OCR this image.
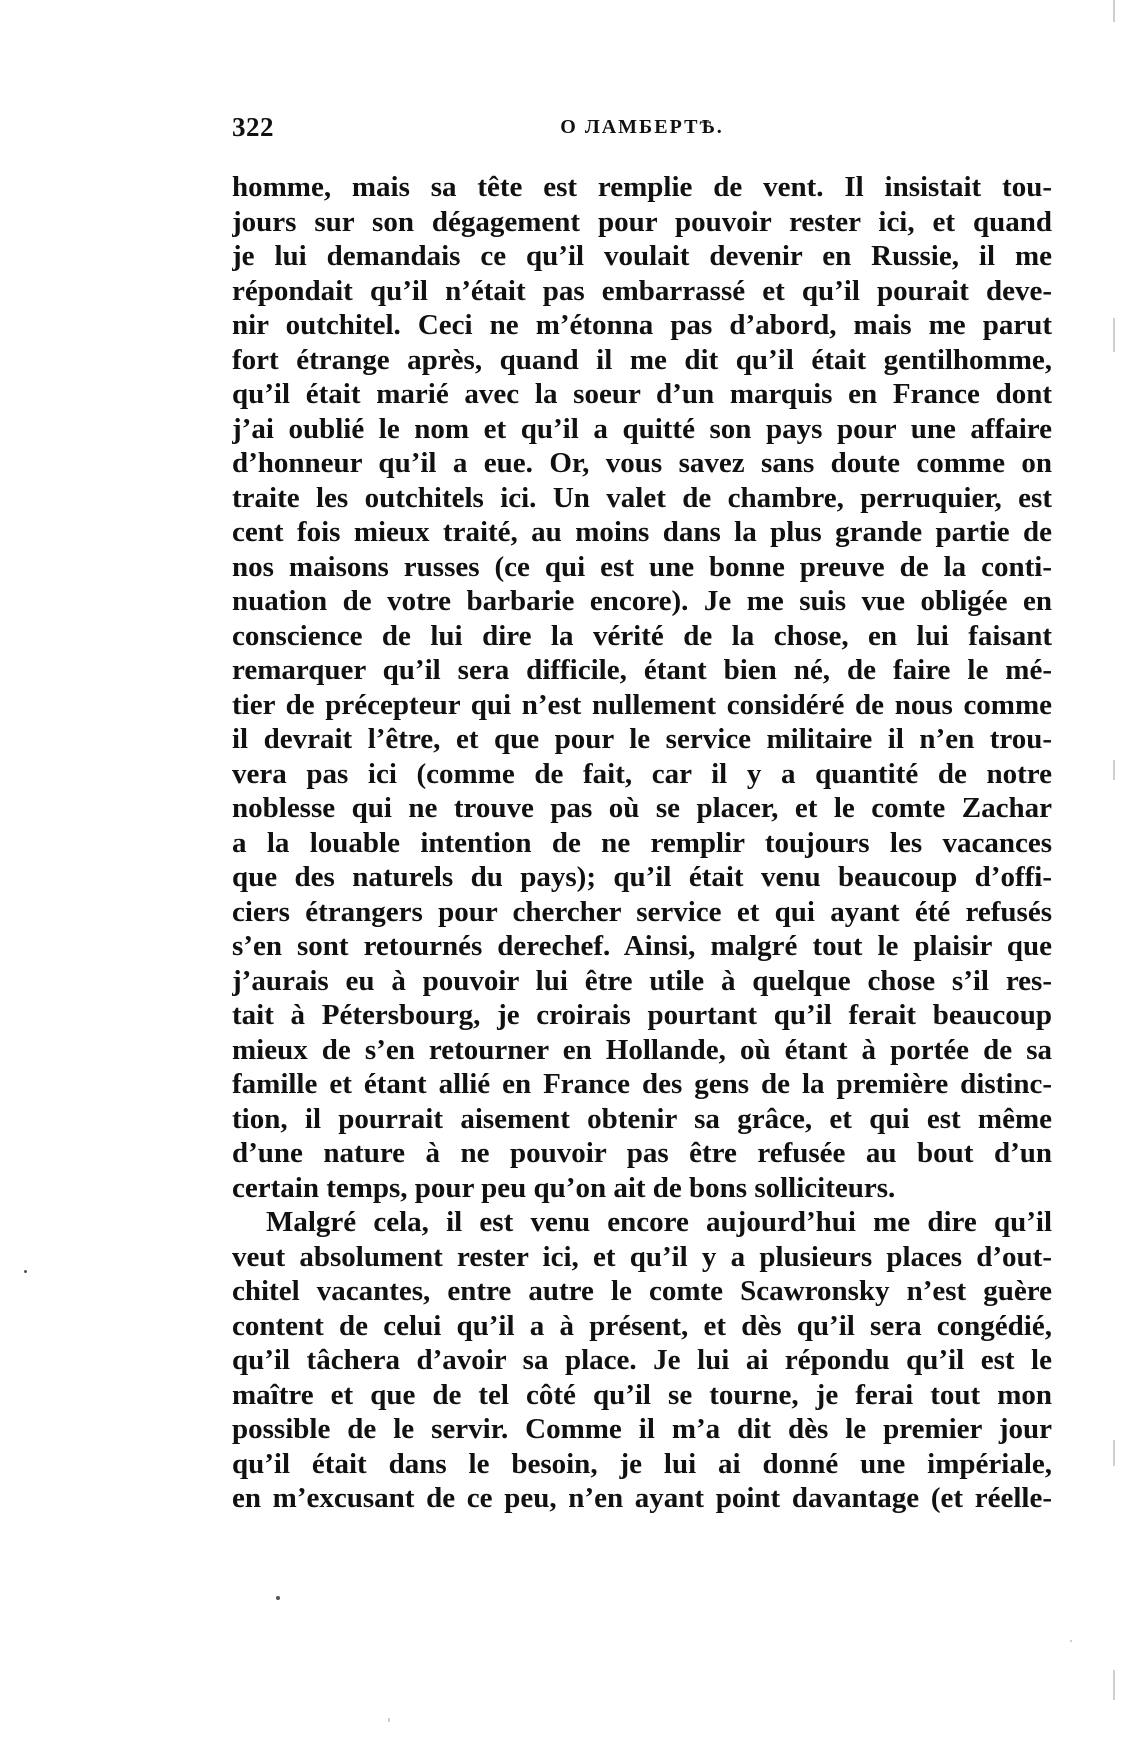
322	О ЛАМБЕРТѢ.
homme, mais sa tête est remplie de vent. Il insistait tou-
jours sur son dégagement pour pouvoir rester ici, et quand
je lui demandais ce qu’il voulait devenir en Russie, il me
répondait qu’il n’était pas embarrassé et qu’il pourait deve-
nir outchitel. Ceci ne m’étonna pas d’abord, mais me parut
fort étrange après, quand il me dit qu’il était gentilhomme,
qu’il était marié avec la soeur d’un marquis en France dont
j’ai oublié le nom et qu’il a quitté son pays pour une affaire
d’honneur qu’il a eue. Or, vous savez sans doute comme on
traite les outchitels ici. Un valet de chambre, perruquier, est
cent fois mieux traité, au moins dans la plus grande partie de
nos maisons russes (ce qui est une bonne preuve de la conti-
nuation de votre barbarie encore). Je me suis vue obligée en
conscience de lui dire la vérité de la chose, en lui faisant
remarquer qu’il sera difficile, étant bien né, de faire le mé-
tier de précepteur qui n’est nullement considéré de nous comme
il devrait l’être, et que pour le service militaire il n’en trou-
vera pas ici (comme de fait, car il y a quantité de notre
noblesse qui ne trouve pas où se placer, et le comte Zachar
a la louable intention de ne remplir toujours les vacances
que des naturels du pays); qu’il était venu beaucoup d’offi-
ciers étrangers pour chercher service et qui ayant été refusés
s’en sont retournés derechef. Ainsi, malgré tout le plaisir que
j’aurais eu à pouvoir lui être utile à quelque chose s’il res-
tait à Pétersbourg, je croirais pourtant qu’il ferait beaucoup
mieux de s’en retourner en Hollande, où étant à portée de sa
famille et étant allié en France des gens de la première distinc-
tion, il pourrait aisement obtenir sa grâce, et qui est même
d’une nature à ne pouvoir pas être refusée au bout d’un
certain temps, pour peu qu’on ait de bons solliciteurs.
Malgré cela, il est venu encore aujourd’hui me dire qu’il
veut absolument rester ici, et qu’il y a plusieurs places d’out-
chitel vacantes, entre autre le comte Scawronsky n’est guère
content de celui qu’il a à présent, et dès qu’il sera congédié,
qu’il tâchera d’avoir sa place. Je lui ai répondu qu’il est le
maître et que de tel côté qu’il se tourne, je ferai tout mon
possible de le servir. Comme il m’a dit dès le premier jour
qu’il était dans le besoin, je lui ai donné une impériale,
en m’excusant de ce peu, n’en ayant point davantage (et réelle-
